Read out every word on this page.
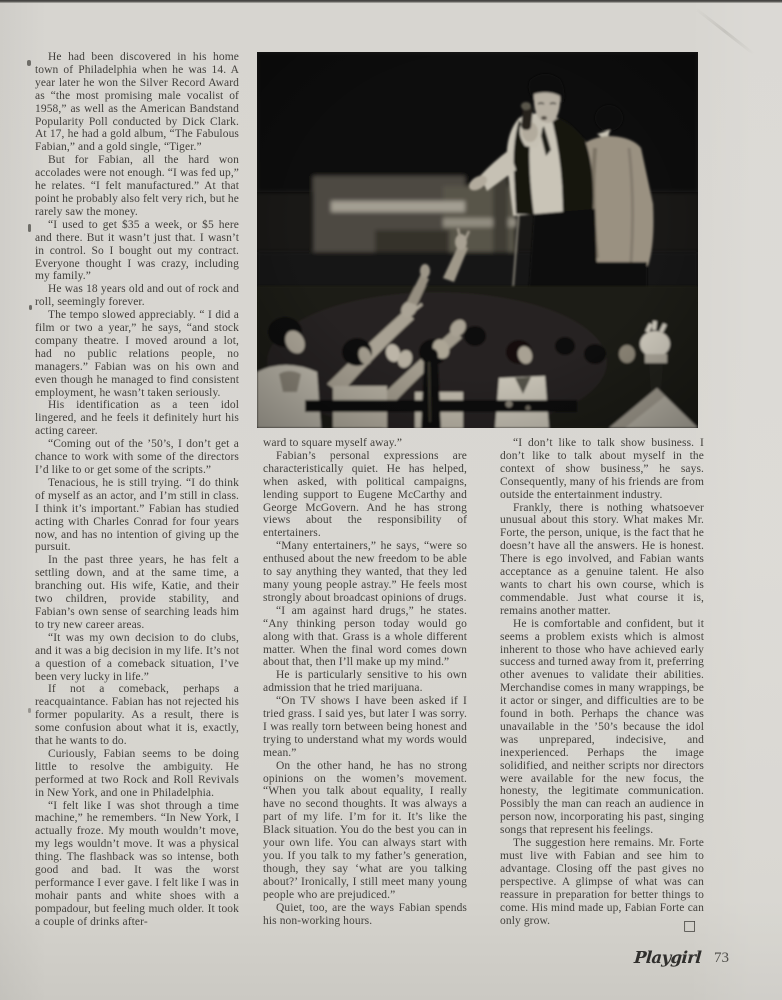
He had been discovered in his home town of Philadelphia when he was 14. A year later he won the Silver Record Award as “the most promising male vocalist of 1958,” as well as the American Bandstand Popularity Poll conducted by Dick Clark. At 17, he had a gold album, “The Fabulous Fabian,” and a gold single, “Tiger.”

But for Fabian, all the hard won accolades were not enough. “I was fed up,” he relates. “I felt manufactured.” At that point he probably also felt very rich, but he rarely saw the money.

“I used to get $35 a week, or $5 here and there. But it wasn’t just that. I wasn’t in control. So I bought out my contract. Everyone thought I was crazy, including my family.”

He was 18 years old and out of rock and roll, seemingly forever.

The tempo slowed appreciably. “ I did a film or two a year,” he says, “and stock company theatre. I moved around a lot, had no public relations people, no managers.” Fabian was on his own and even though he managed to find consistent employment, he wasn’t taken seriously.

His identification as a teen idol lingered, and he feels it definitely hurt his acting career.

“Coming out of the ’50’s, I don’t get a chance to work with some of the directors I’d like to or get some of the scripts.”

Tenacious, he is still trying. “I do think of myself as an actor, and I’m still in class. I think it’s important.” Fabian has studied acting with Charles Conrad for four years now, and has no intention of giving up the pursuit.

In the past three years, he has felt a settling down, and at the same time, a branching out. His wife, Katie, and their two children, provide stability, and Fabian’s own sense of searching leads him to try new career areas.

“It was my own decision to do clubs, and it was a big decision in my life. It’s not a question of a comeback situation, I’ve been very lucky in life.”

If not a comeback, perhaps a reacquaintance. Fabian has not rejected his former popularity. As a result, there is some confusion about what it is, exactly, that he wants to do.

Curiously, Fabian seems to be doing little to resolve the ambiguity. He performed at two Rock and Roll Revivals in New York, and one in Philadelphia.

“I felt like I was shot through a time machine,” he remembers. “In New York, I actually froze. My mouth wouldn’t move, my legs wouldn’t move. It was a physical thing. The flashback was so intense, both good and bad. It was the worst performance I ever gave. I felt like I was in mohair pants and white shoes with a pompadour, but feeling much older. It took a couple of drinks after-

ward to square myself away.”

Fabian’s personal expressions are characteristically quiet. He has helped, when asked, with political campaigns, lending support to Eugene McCarthy and George McGovern. And he has strong views about the responsibility of entertainers.

“Many entertainers,” he says, “were so enthused about the new freedom to be able to say anything they wanted, that they led many young people astray.” He feels most strongly about broadcast opinions of drugs.

“I am against hard drugs,” he states. “Any thinking person today would go along with that. Grass is a whole different matter. When the final word comes down about that, then I’ll make up my mind.”

He is particularly sensitive to his own admission that he tried marijuana.

“On TV shows I have been asked if I tried grass. I said yes, but later I was sorry. I was really torn between being honest and trying to understand what my words would mean.”

On the other hand, he has no strong opinions on the women’s movement. “When you talk about equality, I really have no second thoughts. It was always a part of my life. I’m for it. It’s like the Black situation. You do the best you can in your own life. You can always start with you. If you talk to my father’s generation, though, they say ‘what are you talking about?’ Ironically, I still meet many young people who are prejudiced.”

Quiet, too, are the ways Fabian spends his non-working hours.

“I don’t like to talk show business. I don’t like to talk about myself in the context of show business,” he says. Consequently, many of his friends are from outside the entertainment industry.

Frankly, there is nothing whatsoever unusual about this story. What makes Mr. Forte, the person, unique, is the fact that he doesn’t have all the answers. He is honest. There is ego involved, and Fabian wants acceptance as a genuine talent. He also wants to chart his own course, which is commendable. Just what course it is, remains another matter.

He is comfortable and confident, but it seems a problem exists which is almost inherent to those who have achieved early success and turned away from it, preferring other avenues to validate their abilities. Merchandise comes in many wrappings, be it actor or singer, and difficulties are to be found in both. Perhaps the chance was unavailable in the ’50’s because the idol was unprepared, indecisive, and inexperienced. Perhaps the image solidified, and neither scripts nor directors were available for the new focus, the honesty, the legitimate communication. Possibly the man can reach an audience in person now, incorporating his past, singing songs that represent his feelings.

The suggestion here remains. Mr. Forte must live with Fabian and see him to advantage. Closing off the past gives no perspective. A glimpse of what was can reassure in preparation for better things to come. His mind made up, Fabian Forte can only grow.	□
Playgirl 73
